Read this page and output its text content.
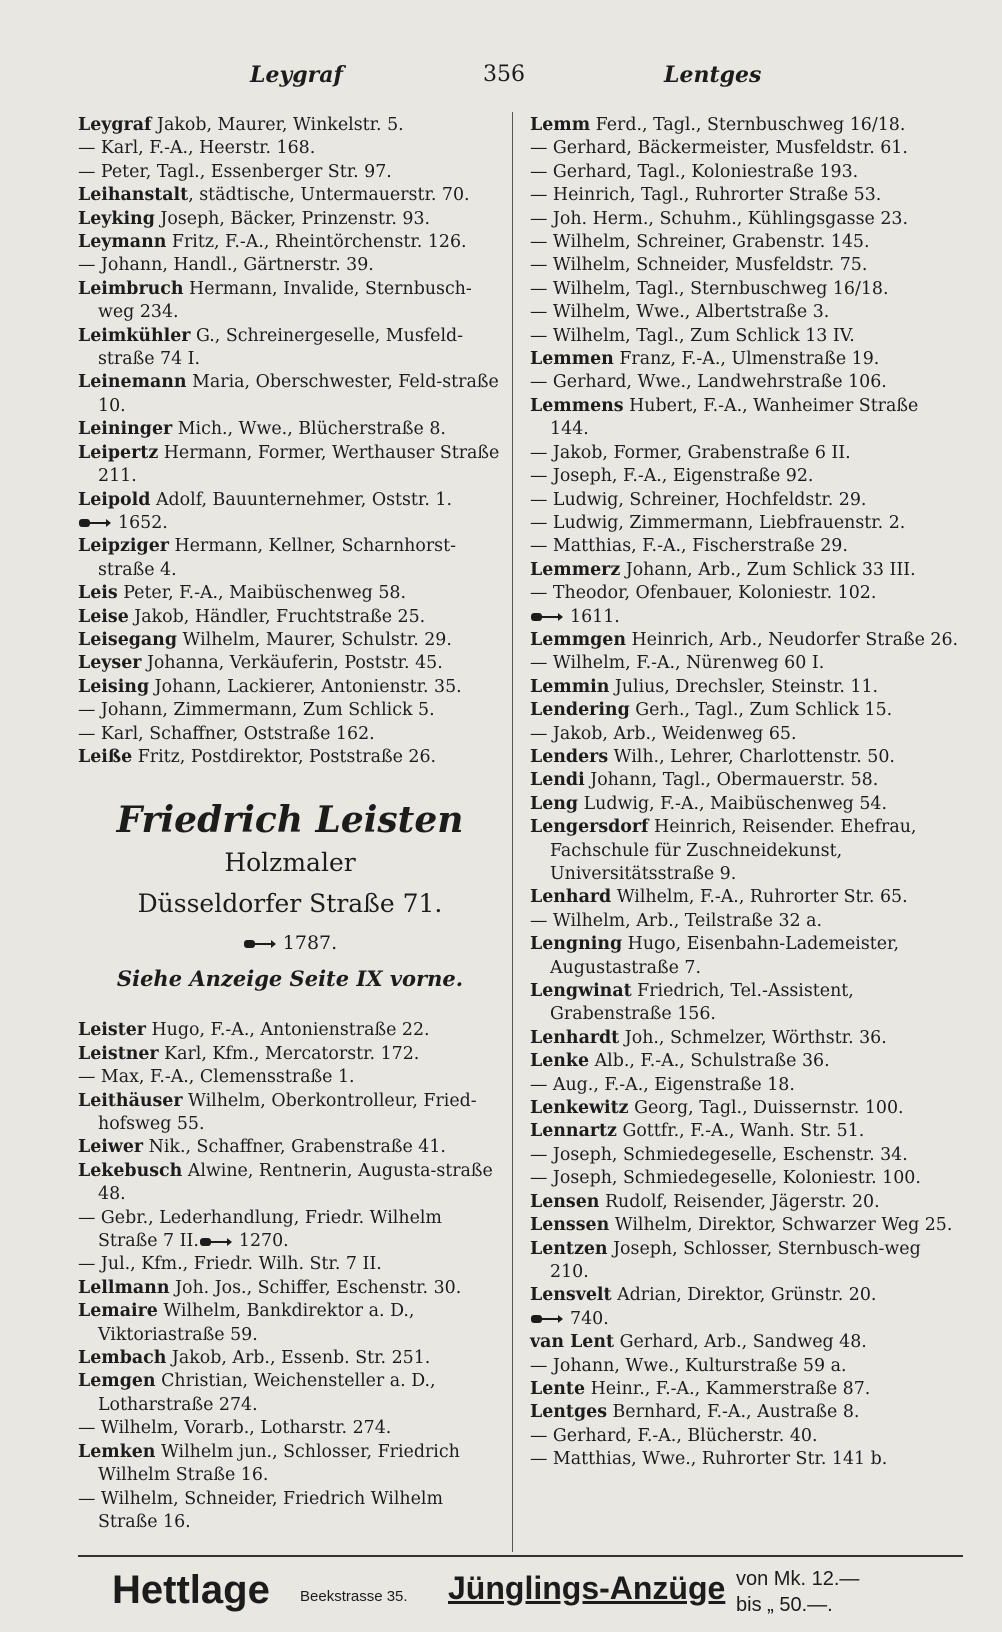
Leygraf	356	Lentges

Leygraf Jakob, Maurer, Winkelstr. 5.

— Karl, F.-A., Heerstr. 168.

— Peter, Tagl., Essenberger Str. 97.

Leihanstalt, städtische, Untermauerstr. 70.

Leyking Joseph, Bäcker, Prinzenstr. 93.

Leymann Fritz, F.-A., Rheintörchenstr. 126.

— Johann, Handl., Gärtnerstr. 39.

Leimbruch Hermann, Invalide, Sternbusch-weg 234.

Leimkühler G., Schreinergeselle, Musfeld-straße 74 I.

Leinemann Maria, Oberschwester, Feld-straße 10.

Leininger Mich., Wwe., Blücherstraße 8.

Leipertz Hermann, Former, Werthauser Straße 211.

Leipold Adolf, Bauunternehmer, Oststr. 1.

1652.

Leipziger Hermann, Kellner, Scharnhorst-straße 4.

Leis Peter, F.-A., Maibüschenweg 58.

Leise Jakob, Händler, Fruchtstraße 25.

Leisegang Wilhelm, Maurer, Schulstr. 29.

Leyser Johanna, Verkäuferin, Poststr. 45.

Leising Johann, Lackierer, Antonienstr. 35.

— Johann, Zimmermann, Zum Schlick 5.

— Karl, Schaffner, Oststraße 162.

Leiße Fritz, Postdirektor, Poststraße 26.

Friedrich Leisten
Holzmaler
Düsseldorfer Straße 71.
1787.
Siehe Anzeige Seite IX vorne.

Leister Hugo, F.-A., Antonienstraße 22.

Leistner Karl, Kfm., Mercatorstr. 172.

— Max, F.-A., Clemensstraße 1.

Leithäuser Wilhelm, Oberkontrolleur, Fried-hofsweg 55.

Leiwer Nik., Schaffner, Grabenstraße 41.

Lekebusch Alwine, Rentnerin, Augusta-straße 48.

— Gebr., Lederhandlung, Friedr. Wilhelm Straße 7 II. 1270.

— Jul., Kfm., Friedr. Wilh. Str. 7 II.

Lellmann Joh. Jos., Schiffer, Eschenstr. 30.

Lemaire Wilhelm, Bankdirektor a. D., Viktoriastraße 59.

Lembach Jakob, Arb., Essenb. Str. 251.

Lemgen Christian, Weichensteller a. D., Lotharstraße 274.

— Wilhelm, Vorarb., Lotharstr. 274.

Lemken Wilhelm jun., Schlosser, Friedrich Wilhelm Straße 16.

— Wilhelm, Schneider, Friedrich Wilhelm Straße 16.

Lemm Ferd., Tagl., Sternbuschweg 16/18.

— Gerhard, Bäckermeister, Musfeldstr. 61.

— Gerhard, Tagl., Koloniestraße 193.

— Heinrich, Tagl., Ruhrorter Straße 53.

— Joh. Herm., Schuhm., Kühlingsgasse 23.

— Wilhelm, Schreiner, Grabenstr. 145.

— Wilhelm, Schneider, Musfeldstr. 75.

— Wilhelm, Tagl., Sternbuschweg 16/18.

— Wilhelm, Wwe., Albertstraße 3.

— Wilhelm, Tagl., Zum Schlick 13 IV.

Lemmen Franz, F.-A., Ulmenstraße 19.

— Gerhard, Wwe., Landwehrstraße 106.

Lemmens Hubert, F.-A., Wanheimer Straße 144.

— Jakob, Former, Grabenstraße 6 II.

— Joseph, F.-A., Eigenstraße 92.

— Ludwig, Schreiner, Hochfeldstr. 29.

— Ludwig, Zimmermann, Liebfrauenstr. 2.

— Matthias, F.-A., Fischerstraße 29.

Lemmerz Johann, Arb., Zum Schlick 33 III.

— Theodor, Ofenbauer, Koloniestr. 102.

1611.

Lemmgen Heinrich, Arb., Neudorfer Straße 26.

— Wilhelm, F.-A., Nürenweg 60 I.

Lemmin Julius, Drechsler, Steinstr. 11.

Lendering Gerh., Tagl., Zum Schlick 15.

— Jakob, Arb., Weidenweg 65.

Lenders Wilh., Lehrer, Charlottenstr. 50.

Lendi Johann, Tagl., Obermauerstr. 58.

Leng Ludwig, F.-A., Maibüschenweg 54.

Lengersdorf Heinrich, Reisender. Ehefrau, Fachschule für Zuschneidekunst, Universitätsstraße 9.

Lenhard Wilhelm, F.-A., Ruhrorter Str. 65.

— Wilhelm, Arb., Teilstraße 32 a.

Lengning Hugo, Eisenbahn-Lademeister, Augustastraße 7.

Lengwinat Friedrich, Tel.-Assistent, Grabenstraße 156.

Lenhardt Joh., Schmelzer, Wörthstr. 36.

Lenke Alb., F.-A., Schulstraße 36.

— Aug., F.-A., Eigenstraße 18.

Lenkewitz Georg, Tagl., Duissernstr. 100.

Lennartz Gottfr., F.-A., Wanh. Str. 51.

— Joseph, Schmiedegeselle, Eschenstr. 34.

— Joseph, Schmiedegeselle, Koloniestr. 100.

Lensen Rudolf, Reisender, Jägerstr. 20.

Lenssen Wilhelm, Direktor, Schwarzer Weg 25.

Lentzen Joseph, Schlosser, Sternbusch-weg 210.

Lensvelt Adrian, Direktor, Grünstr. 20.

740.

van Lent Gerhard, Arb., Sandweg 48.

— Johann, Wwe., Kulturstraße 59 a.

Lente Heinr., F.-A., Kammerstraße 87.

Lentges Bernhard, F.-A., Austraße 8.

— Gerhard, F.-A., Blücherstr. 40.

— Matthias, Wwe., Ruhrorter Str. 141 b.

Hettlage Beekstrasse 35. Jünglings-Anzüge von Mk. 12.—
bis „ 50.—.
